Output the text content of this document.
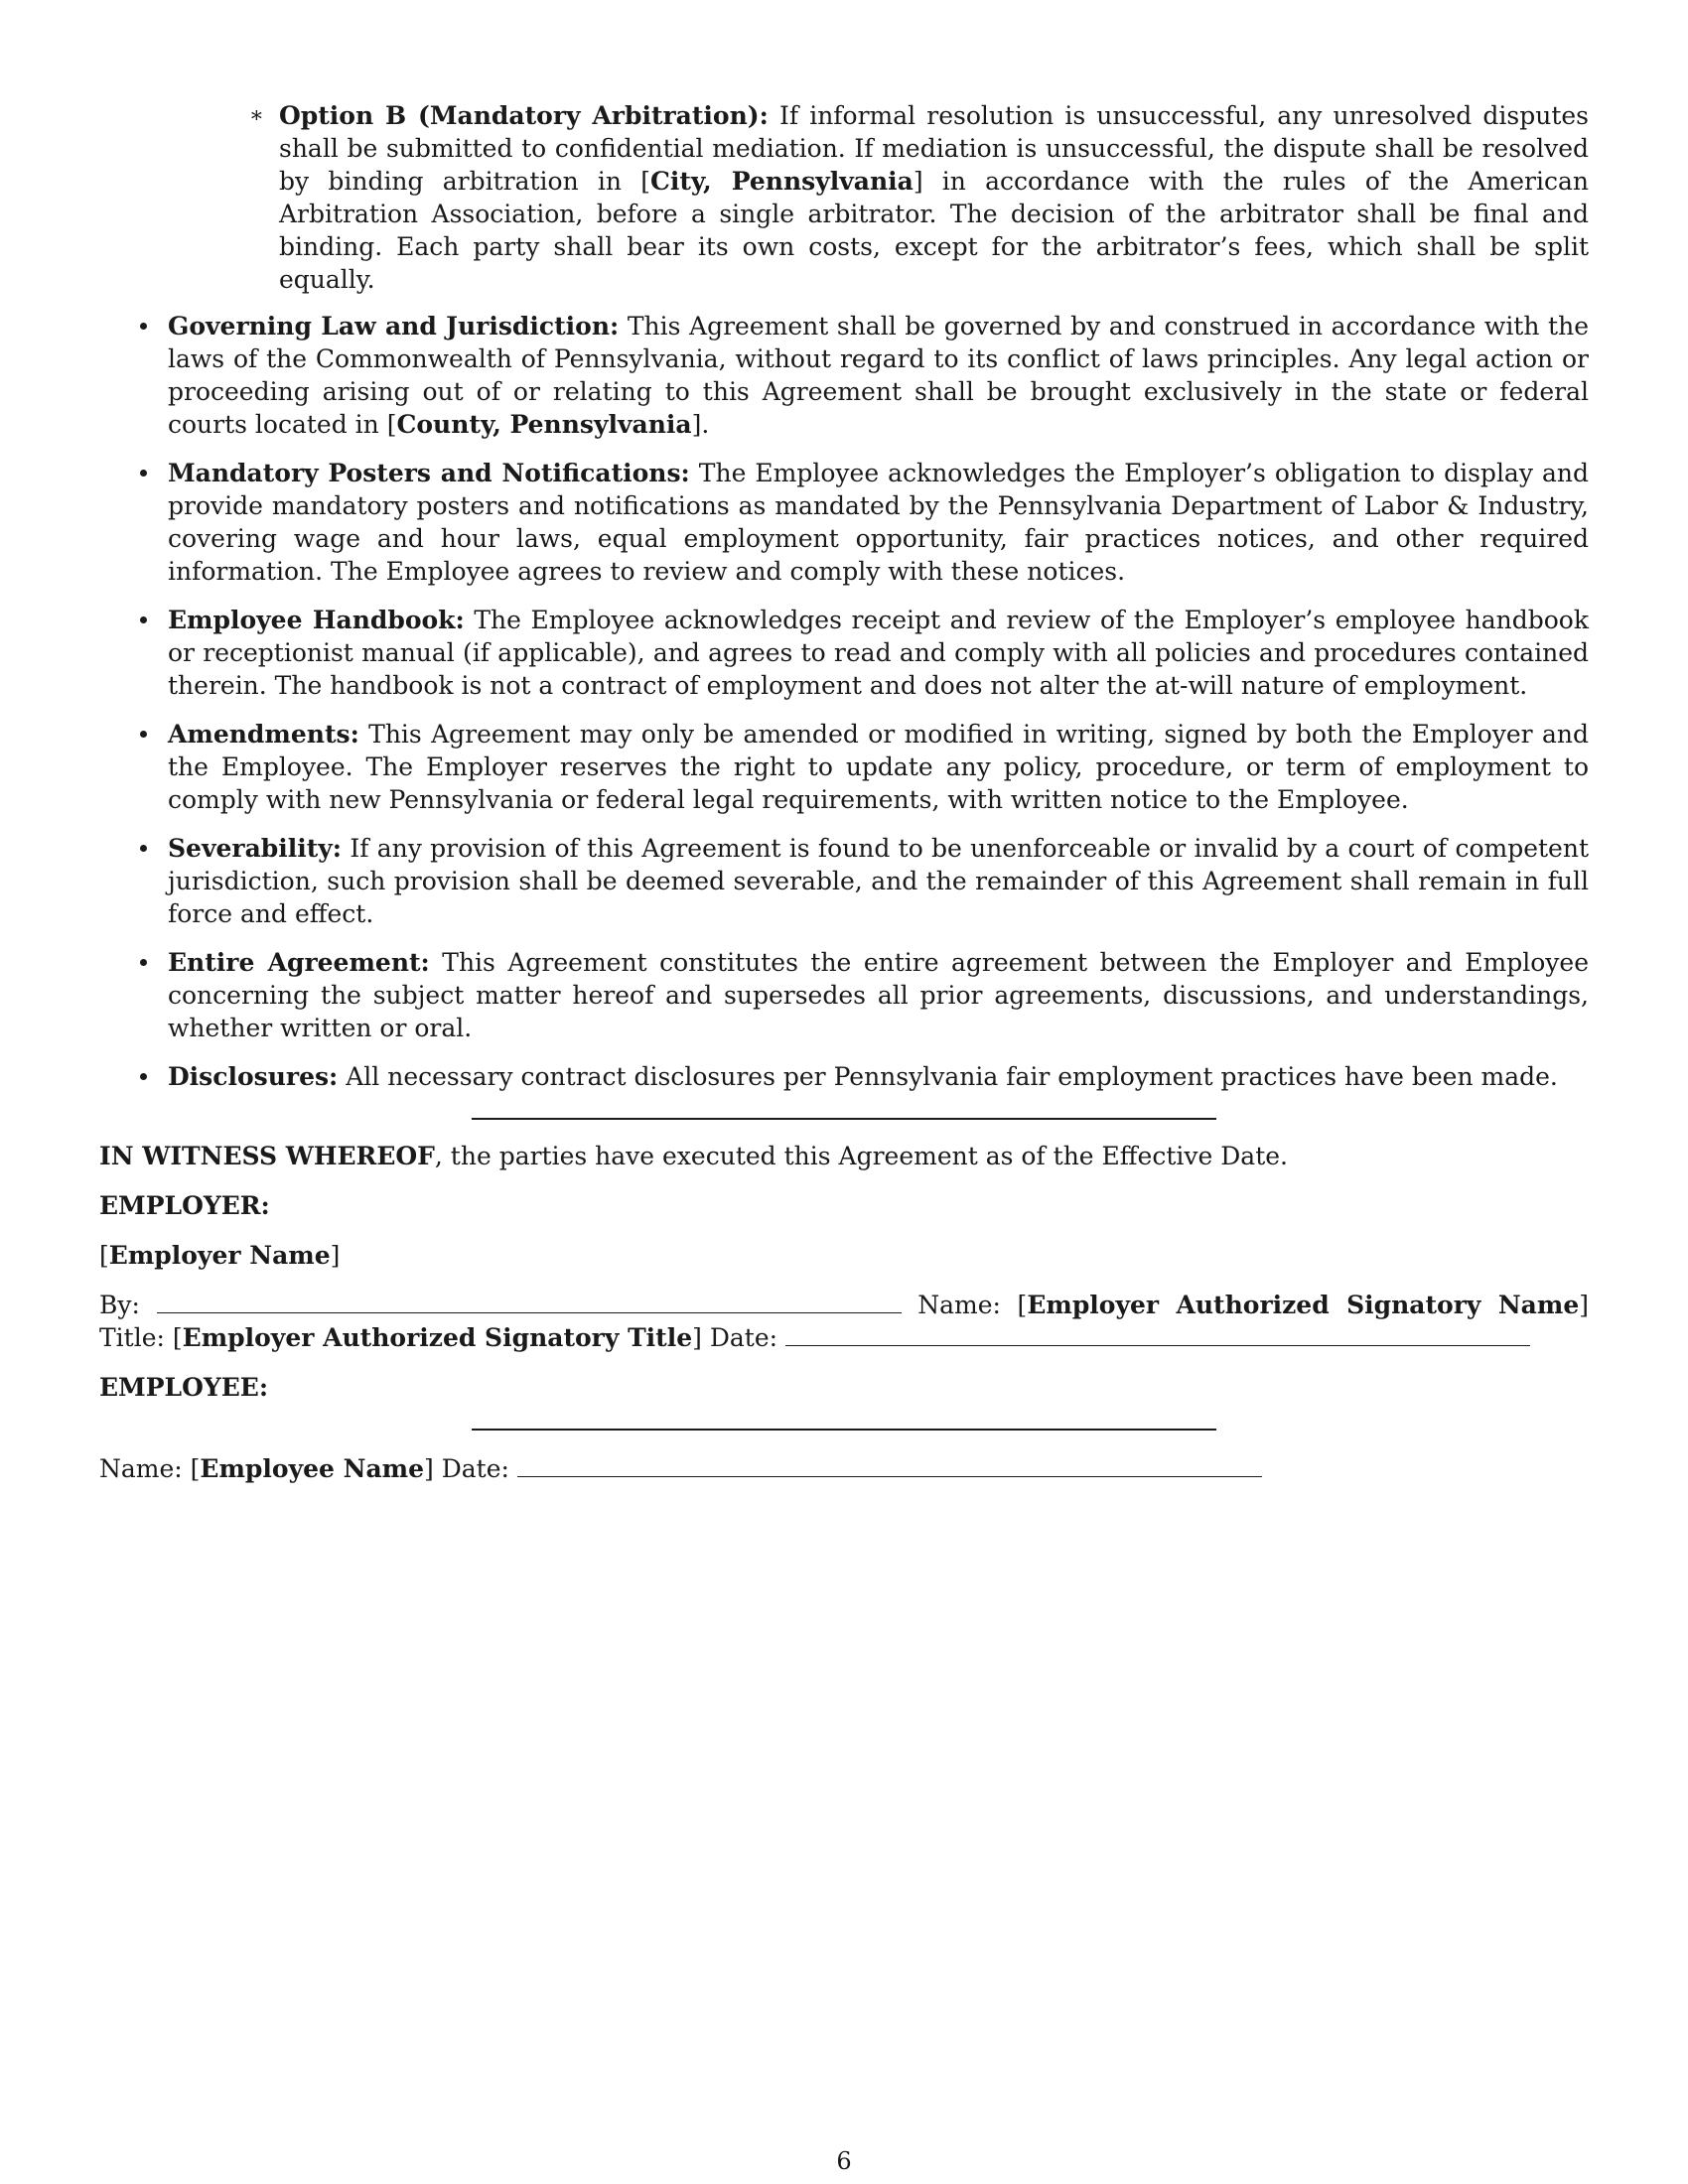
∗ Option B (Mandatory Arbitration): If informal resolution is unsuccessful, any unresolved disputes shall be submitted to confidential mediation. If mediation is unsuccessful, the dispute shall be resolved by binding arbitration in [City, Pennsylvania] in accordance with the rules of the American Arbitration Association, before a single arbitrator. The decision of the arbitrator shall be final and binding. Each party shall bear its own costs, except for the arbitrator’s fees, which shall be split equally.
Governing Law and Jurisdiction: This Agreement shall be governed by and construed in accordance with the laws of the Commonwealth of Pennsylvania, without regard to its conflict of laws principles. Any legal action or proceeding arising out of or relating to this Agreement shall be brought exclusively in the state or federal courts located in [County, Pennsylvania].
Mandatory Posters and Notifications: The Employee acknowledges the Employer’s obligation to display and provide mandatory posters and notifications as mandated by the Pennsylvania Department of Labor & Industry, covering wage and hour laws, equal employment opportunity, fair practices notices, and other required information. The Employee agrees to review and comply with these notices.
Employee Handbook: The Employee acknowledges receipt and review of the Employer’s employee handbook or receptionist manual (if applicable), and agrees to read and comply with all policies and procedures contained therein. The handbook is not a contract of employment and does not alter the at-will nature of employment.
Amendments: This Agreement may only be amended or modified in writing, signed by both the Employer and the Employee. The Employer reserves the right to update any policy, procedure, or term of employment to comply with new Pennsylvania or federal legal requirements, with written notice to the Employee.
Severability: If any provision of this Agreement is found to be unenforceable or invalid by a court of competent jurisdiction, such provision shall be deemed severable, and the remainder of this Agreement shall remain in full force and effect.
Entire Agreement: This Agreement constitutes the entire agreement between the Employer and Employee concerning the subject matter hereof and supersedes all prior agreements, discussions, and understandings, whether written or oral.
Disclosures: All necessary contract disclosures per Pennsylvania fair employment practices have been made.
IN WITNESS WHEREOF, the parties have executed this Agreement as of the Effective Date.
EMPLOYER:
[Employer Name]
By:	Name: [Employer Authorized Signatory Name] Title: [Employer Authorized Signatory Title] Date:
EMPLOYEE:
Name: [Employee Name] Date:
6
